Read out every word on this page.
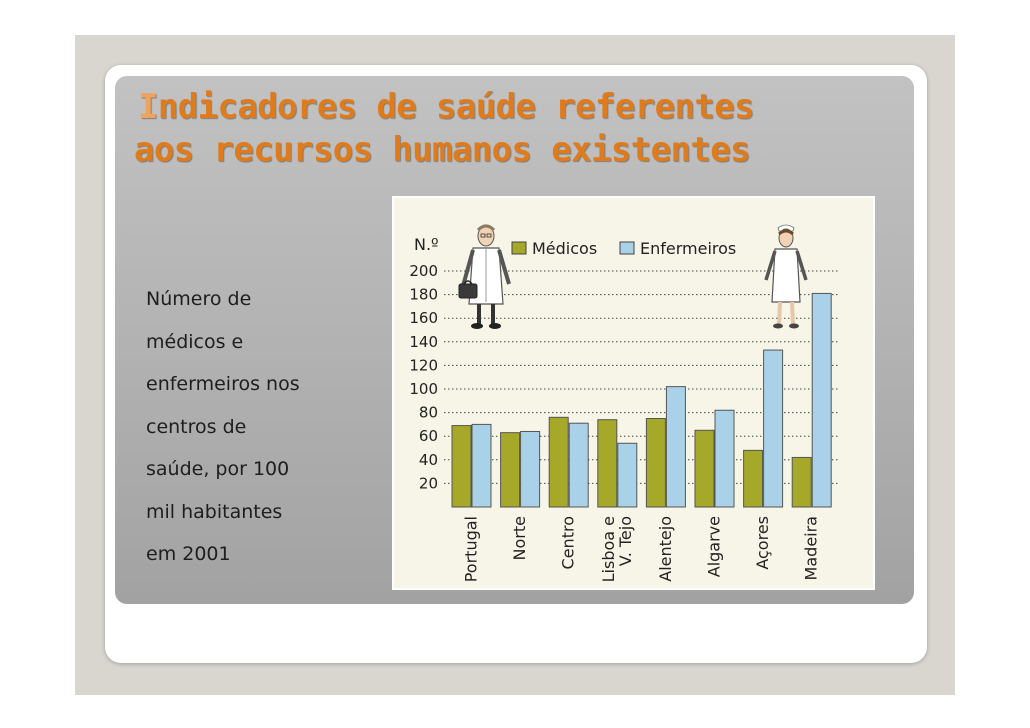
Indicadores de saúde referentes
aos recursos humanos existentes

Número de
médicos e
enfermeiros nos
centros de
saúde, por 100
mil habitantes
em 2001

20
40
60
80
100
120
140
160
180
200
N.º	Médicos	Enfermeiros
Portugal Norte Centro Lisboa e
V. Tejo Alentejo Algarve Açores Madeira
